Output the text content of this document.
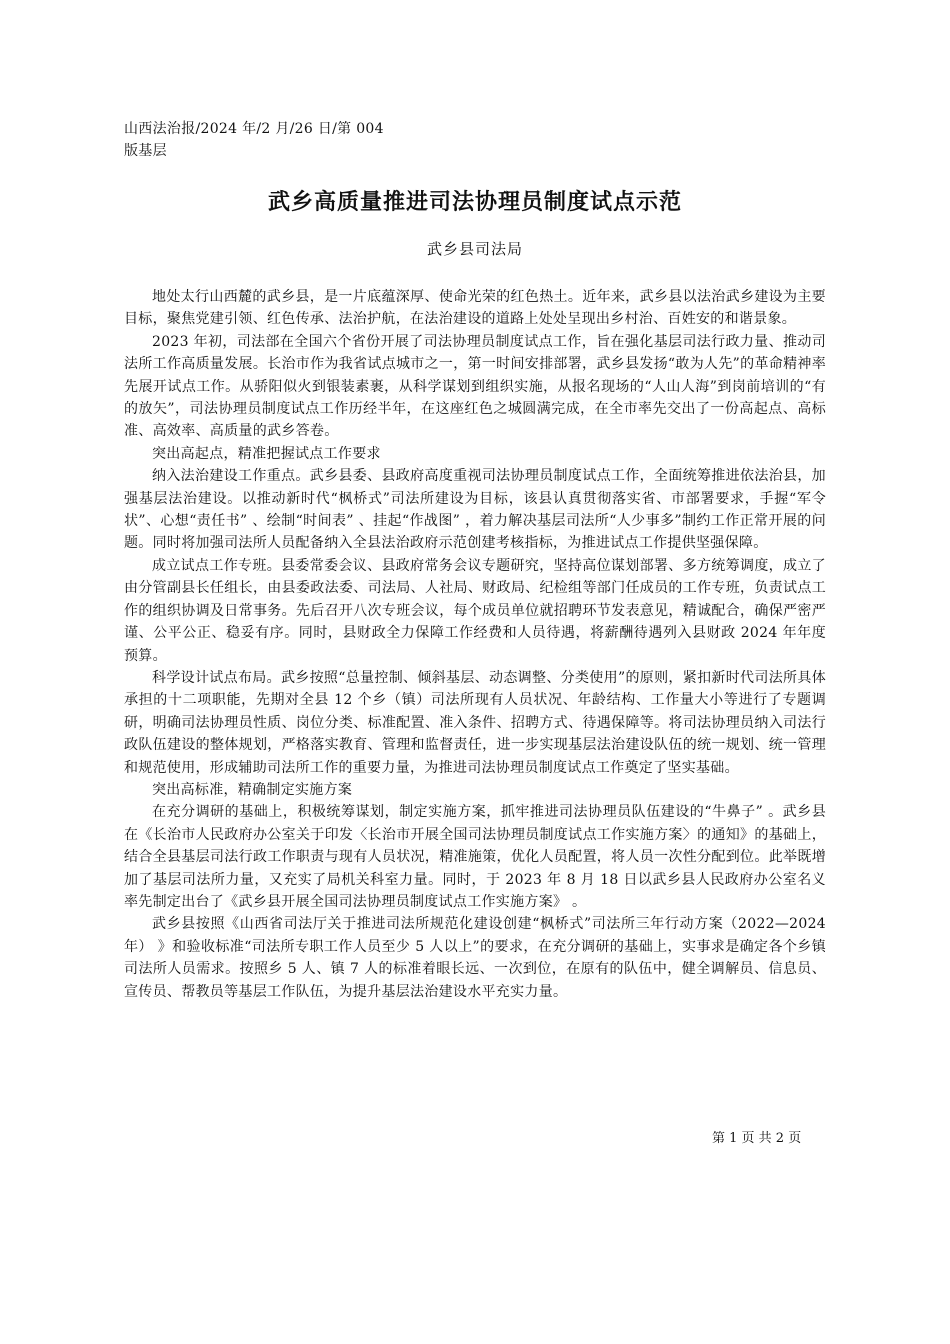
山西法治报/2024 年/2 月/26 日/第 004
版基层
武乡高质量推进司法协理员制度试点示范
武乡县司法局

地处太行山西麓的武乡县，是一片底蕴深厚、使命光荣的红色热土。近年来，武乡县以法治武乡建设为主要目标，聚焦党建引领、红色传承、法治护航，在法治建设的道路上处处呈现出乡村治、百姓安的和谐景象。

2023 年初，司法部在全国六个省份开展了司法协理员制度试点工作，旨在强化基层司法行政力量、推动司法所工作高质量发展。长治市作为我省试点城市之一，第一时间安排部署，武乡县发扬“敢为人先”的革命精神率先展开试点工作。从骄阳似火到银装素裹，从科学谋划到组织实施，从报名现场的“人山人海”到岗前培训的“有的放矢”，司法协理员制度试点工作历经半年，在这座红色之城圆满完成，在全市率先交出了一份高起点、高标准、高效率、高质量的武乡答卷。

突出高起点，精准把握试点工作要求

纳入法治建设工作重点。武乡县委、县政府高度重视司法协理员制度试点工作，全面统筹推进依法治县，加强基层法治建设。以推动新时代“枫桥式”司法所建设为目标，该县认真贯彻落实省、市部署要求，手握“军令状”、心想“责任书” 、绘制“时间表” 、挂起“作战图” ，着力解决基层司法所“人少事多”制约工作正常开展的问题。同时将加强司法所人员配备纳入全县法治政府示范创建考核指标，为推进试点工作提供坚强保障。

成立试点工作专班。县委常委会议、县政府常务会议专题研究，坚持高位谋划部署、多方统筹调度，成立了由分管副县长任组长，由县委政法委、司法局、人社局、财政局、纪检组等部门任成员的工作专班，负责试点工作的组织协调及日常事务。先后召开八次专班会议，每个成员单位就招聘环节发表意见，精诚配合，确保严密严谨、公平公正、稳妥有序。同时，县财政全力保障工作经费和人员待遇，将薪酬待遇列入县财政 2024 年年度预算。

科学设计试点布局。武乡按照“总量控制、倾斜基层、动态调整、分类使用”的原则，紧扣新时代司法所具体承担的十二项职能，先期对全县 12 个乡（镇）司法所现有人员状况、年龄结构、工作量大小等进行了专题调研，明确司法协理员性质、岗位分类、标准配置、准入条件、招聘方式、待遇保障等。将司法协理员纳入司法行政队伍建设的整体规划，严格落实教育、管理和监督责任，进一步实现基层法治建设队伍的统一规划、统一管理和规范使用，形成辅助司法所工作的重要力量，为推进司法协理员制度试点工作奠定了坚实基础。

突出高标准，精确制定实施方案

在充分调研的基础上，积极统筹谋划，制定实施方案，抓牢推进司法协理员队伍建设的“牛鼻子” 。武乡县在《长治市人民政府办公室关于印发〈长治市开展全国司法协理员制度试点工作实施方案〉的通知》的基础上，结合全县基层司法行政工作职责与现有人员状况，精准施策，优化人员配置，将人员一次性分配到位。此举既增加了基层司法所力量，又充实了局机关科室力量。同时，于 2023 年 8 月 18 日以武乡县人民政府办公室名义率先制定出台了《武乡县开展全国司法协理员制度试点工作实施方案》 。

武乡县按照《山西省司法厅关于推进司法所规范化建设创建“枫桥式”司法所三年行动方案（2022—2024 年） 》和验收标准“司法所专职工作人员至少 5 人以上”的要求，在充分调研的基础上，实事求是确定各个乡镇司法所人员需求。按照乡 5 人、镇 7 人的标准着眼长远、一次到位，在原有的队伍中，健全调解员、信息员、宣传员、帮教员等基层工作队伍，为提升基层法治建设水平充实力量。

第 1 页 共 2 页
